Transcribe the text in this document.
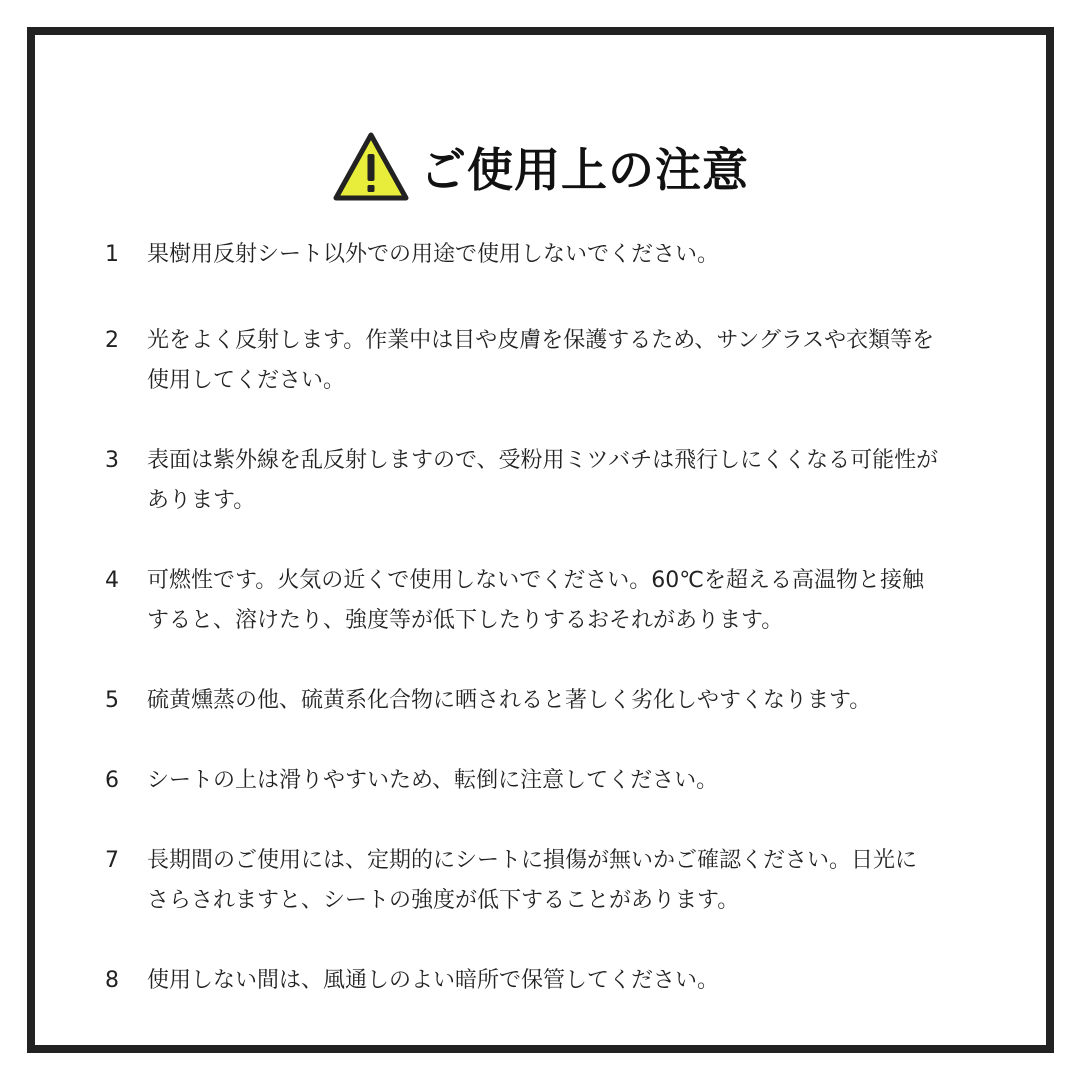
ご使用上の注意
1	果樹用反射シート以外での用途で使用しないでください。
2	光をよく反射します。作業中は目や皮膚を保護するため、サングラスや衣類等を
使用してください。
3	表面は紫外線を乱反射しますので、受粉用ミツバチは飛行しにくくなる可能性が
あります。
4	可燃性です。火気の近くで使用しないでください。60℃を超える高温物と接触
すると、溶けたり、強度等が低下したりするおそれがあります。
5	硫黄燻蒸の他、硫黄系化合物に晒されると著しく劣化しやすくなります。
6	シートの上は滑りやすいため、転倒に注意してください。
7	長期間のご使用には、定期的にシートに損傷が無いかご確認ください。日光に
さらされますと、シートの強度が低下することがあります。
8	使用しない間は、風通しのよい暗所で保管してください。
